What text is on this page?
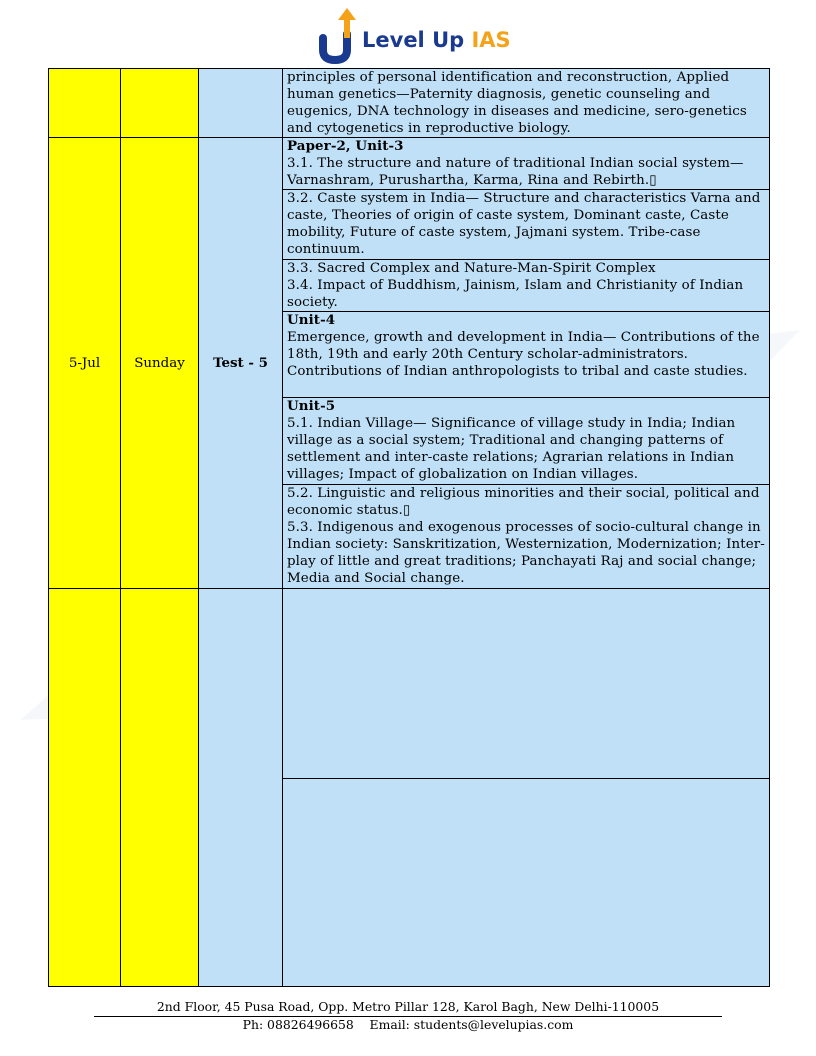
Level Up IAS
			principles of personal identification and reconstruction, Applied human genetics—Paternity diagnosis, genetic counseling and eugenics, DNA technology in diseases and medicine, sero-genetics and cytogenetics in reproductive biology.
5-Jul	Sunday	Test - 5	Paper-2, Unit-3
3.1. The structure and nature of traditional Indian social system—Varnashram, Purushartha, Karma, Rina and Rebirth.▯

			3.2. Caste system in India— Structure and characteristics Varna and caste, Theories of origin of caste system, Dominant caste, Caste mobility, Future of caste system, Jajmani system. Tribe-case continuum.

			3.3. Sacred Complex and Nature-Man-Spirit Complex
3.4. Impact of Buddhism, Jainism, Islam and Christianity of Indian society.

			Unit-4
Emergence, growth and development in India— Contributions of the 18th, 19th and early 20th Century scholar-administrators. Contributions of Indian anthropologists to tribal and caste studies.

			Unit-5
5.1. Indian Village— Significance of village study in India; Indian village as a social system; Traditional and changing patterns of settlement and inter-caste relations; Agrarian relations in Indian villages; Impact of globalization on Indian villages.

			5.2. Linguistic and religious minorities and their social, political and economic status.▯
5.3. Indigenous and exogenous processes of socio-cultural change in Indian society: Sanskritization, Westernization, Modernization; Inter-play of little and great traditions; Panchayati Raj and social change; Media and Social change.

2nd Floor, 45 Pusa Road, Opp. Metro Pillar 128, Karol Bagh, New Delhi-110005
Ph: 08826496658 Email: students@levelupias.com
